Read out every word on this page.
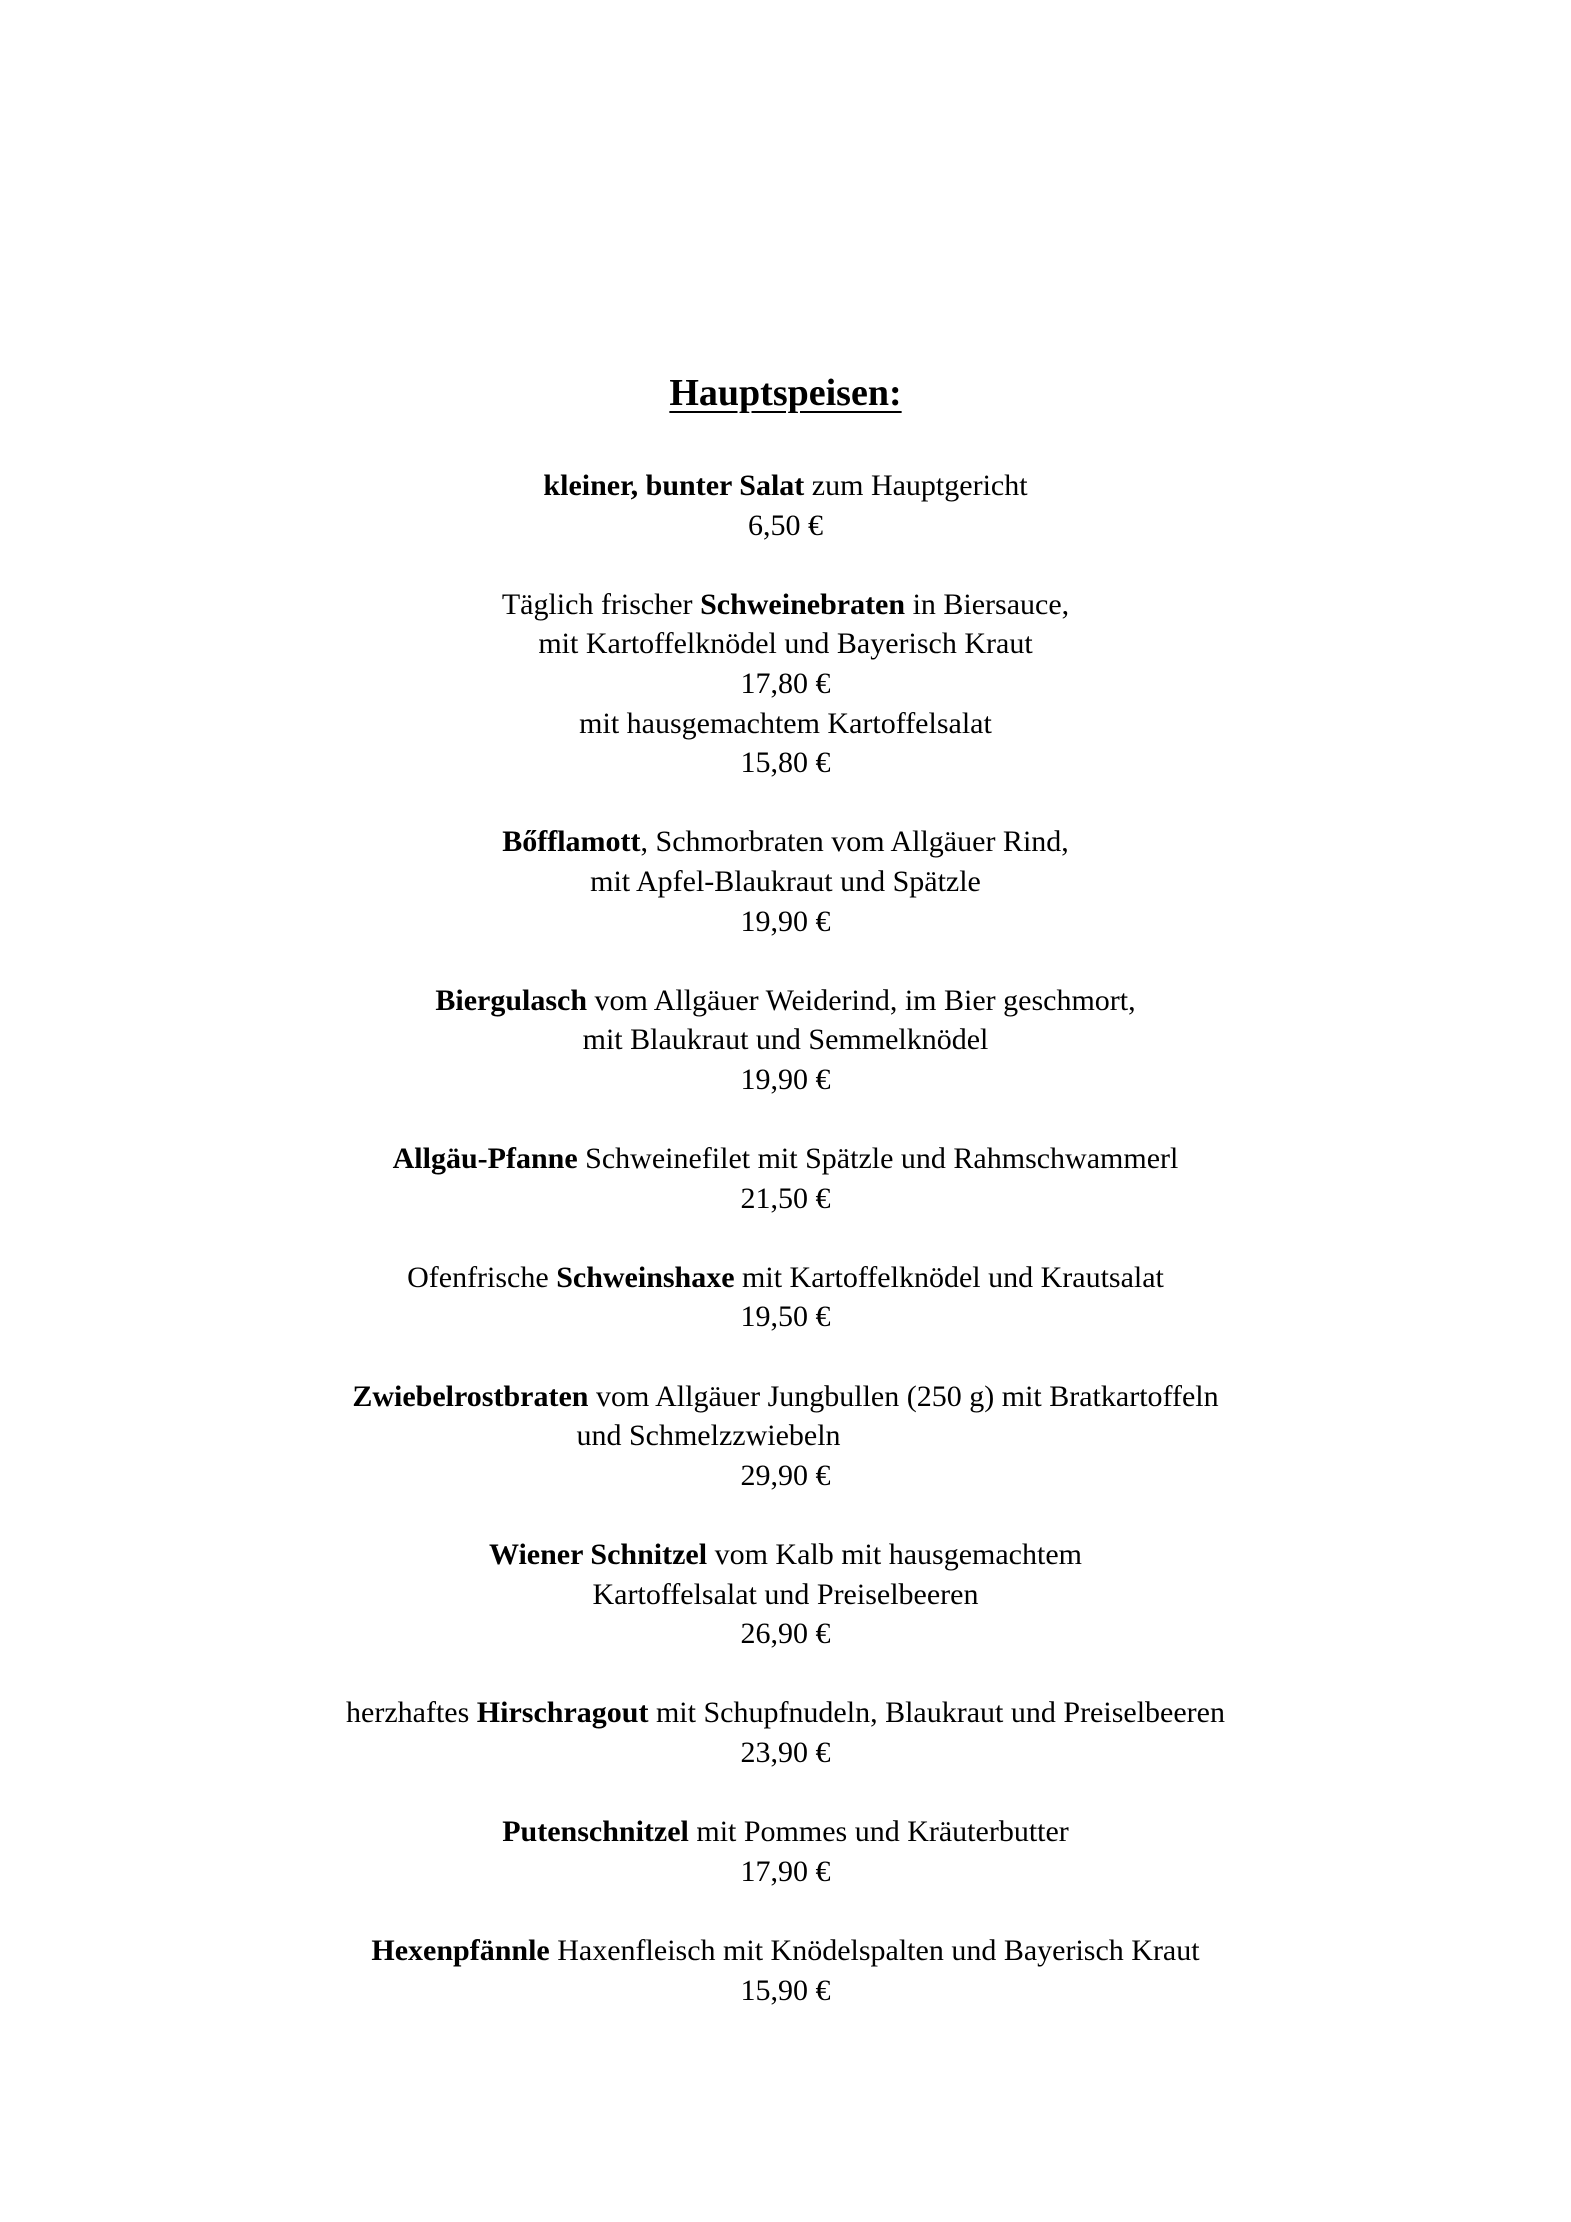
Hauptspeisen:
kleiner, bunter Salat zum Hauptgericht
6,50 €
Täglich frischer Schweinebraten in Biersauce,
mit Kartoffelknödel und Bayerisch Kraut
17,80 €
mit hausgemachtem Kartoffelsalat
15,80 €
Bőfflamott, Schmorbraten vom Allgäuer Rind,
mit Apfel-Blaukraut und Spätzle
19,90 €
Biergulasch vom Allgäuer Weiderind, im Bier geschmort,
mit Blaukraut und Semmelknödel
19,90 €
Allgäu-Pfanne Schweinefilet mit Spätzle und Rahmschwammerl
21,50 €
Ofenfrische Schweinshaxe mit Kartoffelknödel und Krautsalat
19,50 €
Zwiebelrostbraten vom Allgäuer Jungbullen (250 g) mit Bratkartoffeln
und Schmelzzwiebeln
29,90 €
Wiener Schnitzel vom Kalb mit hausgemachtem
Kartoffelsalat und Preiselbeeren
26,90 €
herzhaftes Hirschragout mit Schupfnudeln, Blaukraut und Preiselbeeren
23,90 €
Putenschnitzel mit Pommes und Kräuterbutter
17,90 €
Hexenpfännle Haxenfleisch mit Knödelspalten und Bayerisch Kraut
15,90 €
